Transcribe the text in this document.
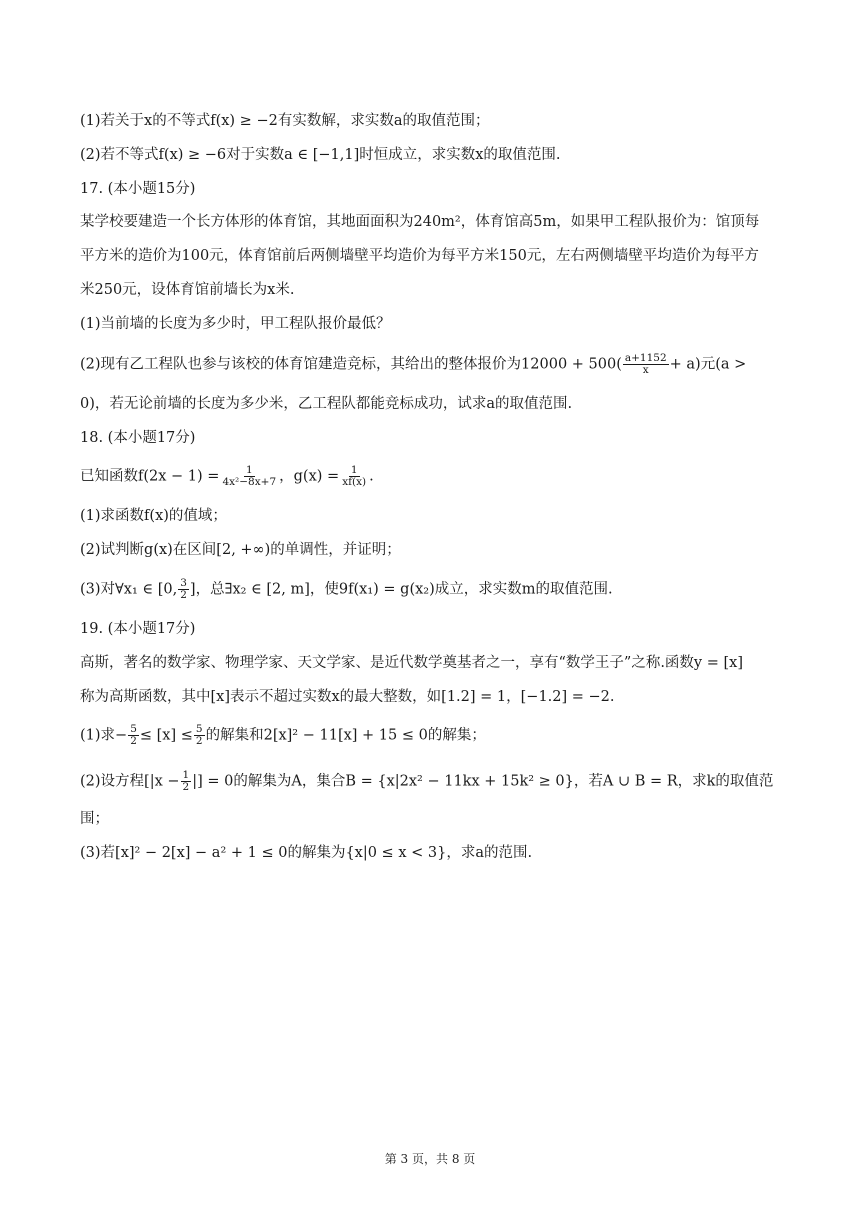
(1)若关于x的不等式f(x) ≥ −2有实数解，求实数a的取值范围；
(2)若不等式f(x) ≥ −6对于实数a ∈ [−1,1]时恒成立，求实数x的取值范围.
17. (本小题15分)
某学校要建造一个长方体形的体育馆，其地面面积为240m²，体育馆高5m，如果甲工程队报价为：馆顶每
平方米的造价为100元，体育馆前后两侧墙壁平均造价为每平方米150元，左右两侧墙壁平均造价为每平方
米250元，设体育馆前墙长为x米.
(1)当前墙的长度为多少时，甲工程队报价最低？
(2)现有乙工程队也参与该校的体育馆建造竞标，其给出的整体报价为$12000 + 500( \frac{a+1152}{x} + a)$元(a >
0)，若无论前墙的长度为多少米，乙工程队都能竞标成功，试求a的取值范围.
18. (本小题17分)
已知函数$f(2x - 1) = \frac{1}{\text{4x²−8x+7}}$ ，$g(x) = \frac{1}{xf(x)}$ .
(1)求函数f(x)的值域；
(2)试判断g(x)在区间[2, +∞)的单调性，并证明；
(3)对∀x₁ ∈ [0, $\frac{3}{2}$ ]，总∃x₂ ∈ [2, m]，使9f(x₁) = g(x₂)成立，求实数m的取值范围.
19. (本小题17分)
高斯，著名的数学家、物理学家、天文学家、是近代数学奠基者之一，享有“数学王子”之称.函数y = [x]
称为高斯函数，其中[x]表示不超过实数x的最大整数，如[1.2] = 1，[−1.2] = −2.
(1)求− $\frac{5}{2} \le [x] \le \frac{5}{2}$ 的解集和2[x]² − 11[x] + 15 ≤ 0的解集；
(2)设方程[$|x - \frac{1}{2}$ |] = 0的解集为A，集合B = {x|2x² − 11kx + 15k² ≥ 0}，若A ∪ B = R，求k的取值范
围；
(3)若[x]² − 2[x] − a² + 1 ≤ 0的解集为{x|0 ≤ x < 3}，求a的范围.
第 3 页，共 8 页
